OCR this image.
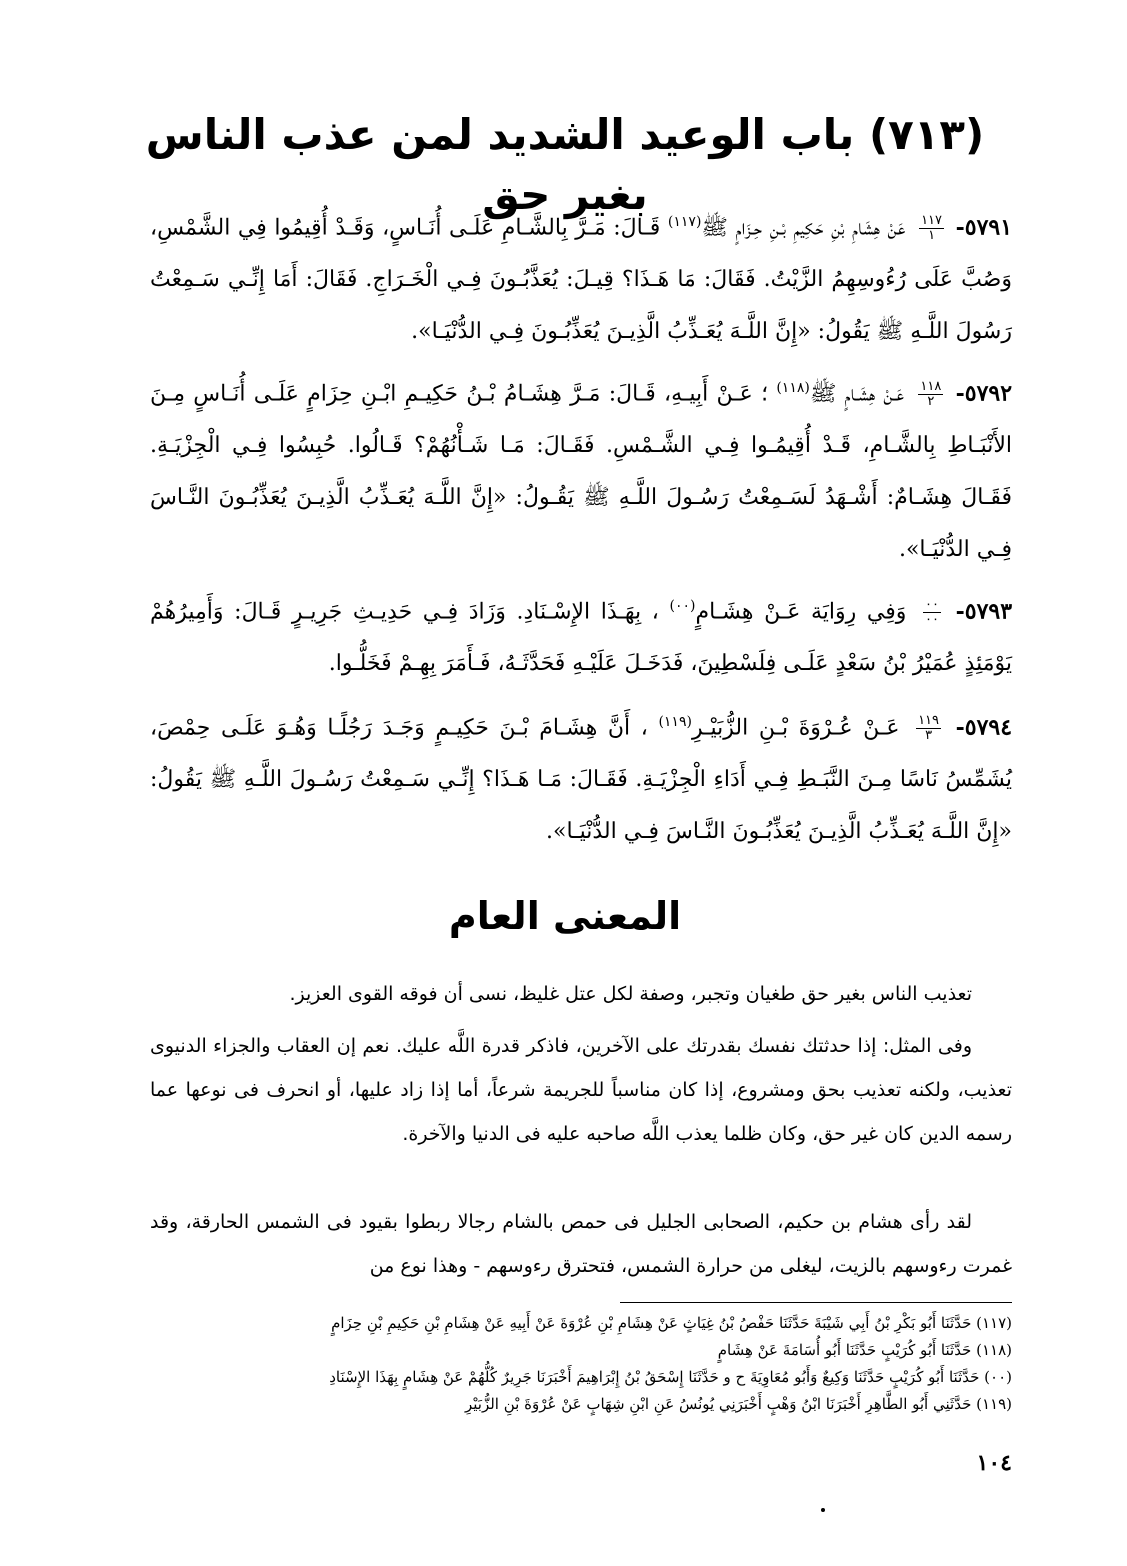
(٧١٣) باب الوعيد الشديد لمن عذب الناس بغير حق

٥٧٩١-
$\frac{١١٧}{١}$
عَنْ هِشَامِ بْنِ حَكِيمِ بْـنِ حِـزَامٍ ﷺ$^{(١١٧)}$ قَـالَ: مَـرَّ بِالشَّـامِ عَلَـى أُنَـاسٍ، وَقَـدْ أُقِيمُوا فِي الشَّمْسِ، وَصُبَّ عَلَى رُءُوسِهِمُ الزَّيْتُ. فَقَالَ: مَا هَـذَا؟ قِيـلَ: يُعَذَّبُـونَ فِـي الْخَـرَاجِ. فَقَالَ: أَمَا إِنِّـي سَـمِعْتُ رَسُولَ اللَّـهِ ﷺ يَقُولُ: «إِنَّ اللَّـهَ يُعَـذِّبُ الَّذِيـنَ يُعَذِّبُـونَ فِـي الدُّنْيَـا».

٥٧٩٢-
$\frac{١١٨}{٢}$
عَـنْ هِشَـامٍ ﷺ$^{(١١٨)}$ ؛ عَـنْ أَبِيـهِ، قَـالَ: مَـرَّ هِشَـامُ بْـنُ حَكِيـمِ ابْـنِ حِزَامٍ عَلَـى أُنَـاسٍ مِـنَ الأَنْبَـاطِ بِالشَّـامِ، قَـدْ أُقِيمُـوا فِـي الشَّـمْسِ. فَقَـالَ: مَـا شَـأْنُهُمْ؟ قَـالُوا. حُبِسُوا فِـي الْجِزْيَـةِ. فَقَـالَ هِشَـامٌ: أَشْـهَدُ لَسَـمِعْتُ رَسُـولَ اللَّـهِ ﷺ يَقُـولُ: «إِنَّ اللَّـهَ يُعَـذِّبُ الَّذِيـنَ يُعَذِّبُـونَ النَّـاسَ فِـي الدُّنْيَـا».

٥٧٩٣-
$\frac{٠٠}{٠٠}$
وَفِي رِوَايَة عَـنْ هِشَـامٍ$^{(٠٠)}$ ، بِهَـذَا الإِسْـنَادِ. وَزَادَ فِـي حَدِيـثِ جَرِيـرٍ قَـالَ: وَأَمِيرُهُمْ يَوْمَئِذٍ عُمَيْرُ بْنُ سَعْدٍ عَلَـى فِلَسْطِينَ، فَدَخَـلَ عَلَيْـهِ فَحَدَّثَـهُ، فَـأَمَرَ بِهِـمْ فَخَلُّـوا.

٥٧٩٤-
$\frac{١١٩}{٣}$
عَـنْ عُـرْوَةَ بْـنِ الزُّبَيْـرِ$^{(١١٩)}$ ، أَنَّ هِشَـامَ بْـنَ حَكِيـمٍ وَجَـدَ رَجُلًـا وَهُـوَ عَلَـى حِمْصَ، يُشَمِّسُ نَاسًا مِـنَ النَّبَـطِ فِـي أَدَاءِ الْجِزْيَـةِ. فَقَـالَ: مَـا هَـذَا؟ إِنِّـي سَـمِعْتُ رَسُـولَ اللَّـهِ ﷺ يَقُولُ: «إِنَّ اللَّـهَ يُعَـذِّبُ الَّذِيـنَ يُعَذِّبُـونَ النَّـاسَ فِـي الدُّنْيَـا».

المعنى العام

تعذيب الناس بغير حق طغيان وتجبر، وصفة لكل عتل غليظ، نسى أن فوقه القوى العزيز.

وفى المثل: إذا حدثتك نفسك بقدرتك على الآخرين، فاذكر قدرة اللَّه عليك. نعم إن العقاب والجزاء الدنيوى تعذيب، ولكنه تعذيب بحق ومشروع، إذا كان مناسباً للجريمة شرعاً، أما إذا زاد عليها، أو انحرف فى نوعها عما رسمه الدين كان غير حق، وكان ظلما يعذب اللَّه صاحبه عليه فى الدنيا والآخرة.

لقد رأى هشام بن حكيم، الصحابى الجليل فى حمص بالشام رجالا ربطوا بقيود فى الشمس الحارقة، وقد غمرت رءوسهم بالزيت، ليغلى من حرارة الشمس، فتحترق رءوسهم - وهذا نوع من

(١١٧) حَدَّثَنَا أَبُو بَكْرِ بْنُ أَبِي شَيْبَةَ حَدَّثَنَا حَفْصُ بْنُ غِيَاثٍ عَنْ هِشَامِ بْنِ عُرْوَةَ عَنْ أَبِيهِ عَنْ هِشَامِ بْنِ حَكِيمِ بْنِ حِزَامٍ
(١١٨) حَدَّثَنَا أَبُو كُرَيْبٍ حَدَّثَنَا أَبُو أُسَامَةَ عَنْ هِشَامٍ
(٠٠) حَدَّثَنَا أَبُو كُرَيْبٍ حَدَّثَنَا وَكِيعٌ وَأَبُو مُعَاوِيَةَ ح و حَدَّثَنَا إِسْحَقُ بْنُ إِبْرَاهِيمَ أَخْبَرَنَا جَرِيرٌ كُلُّهُمْ عَنْ هِشَامٍ بِهَذَا الإِسْنَادِ
(١١٩) حَدَّثَنِي أَبُو الطَّاهِرِ أَخْبَرَنَا ابْنُ وَهْبٍ أَخْبَرَنِي يُونُسُ عَنِ ابْنِ شِهَابٍ عَنْ عُرْوَةَ بْنِ الزُّبَيْرِ
١٠٤
